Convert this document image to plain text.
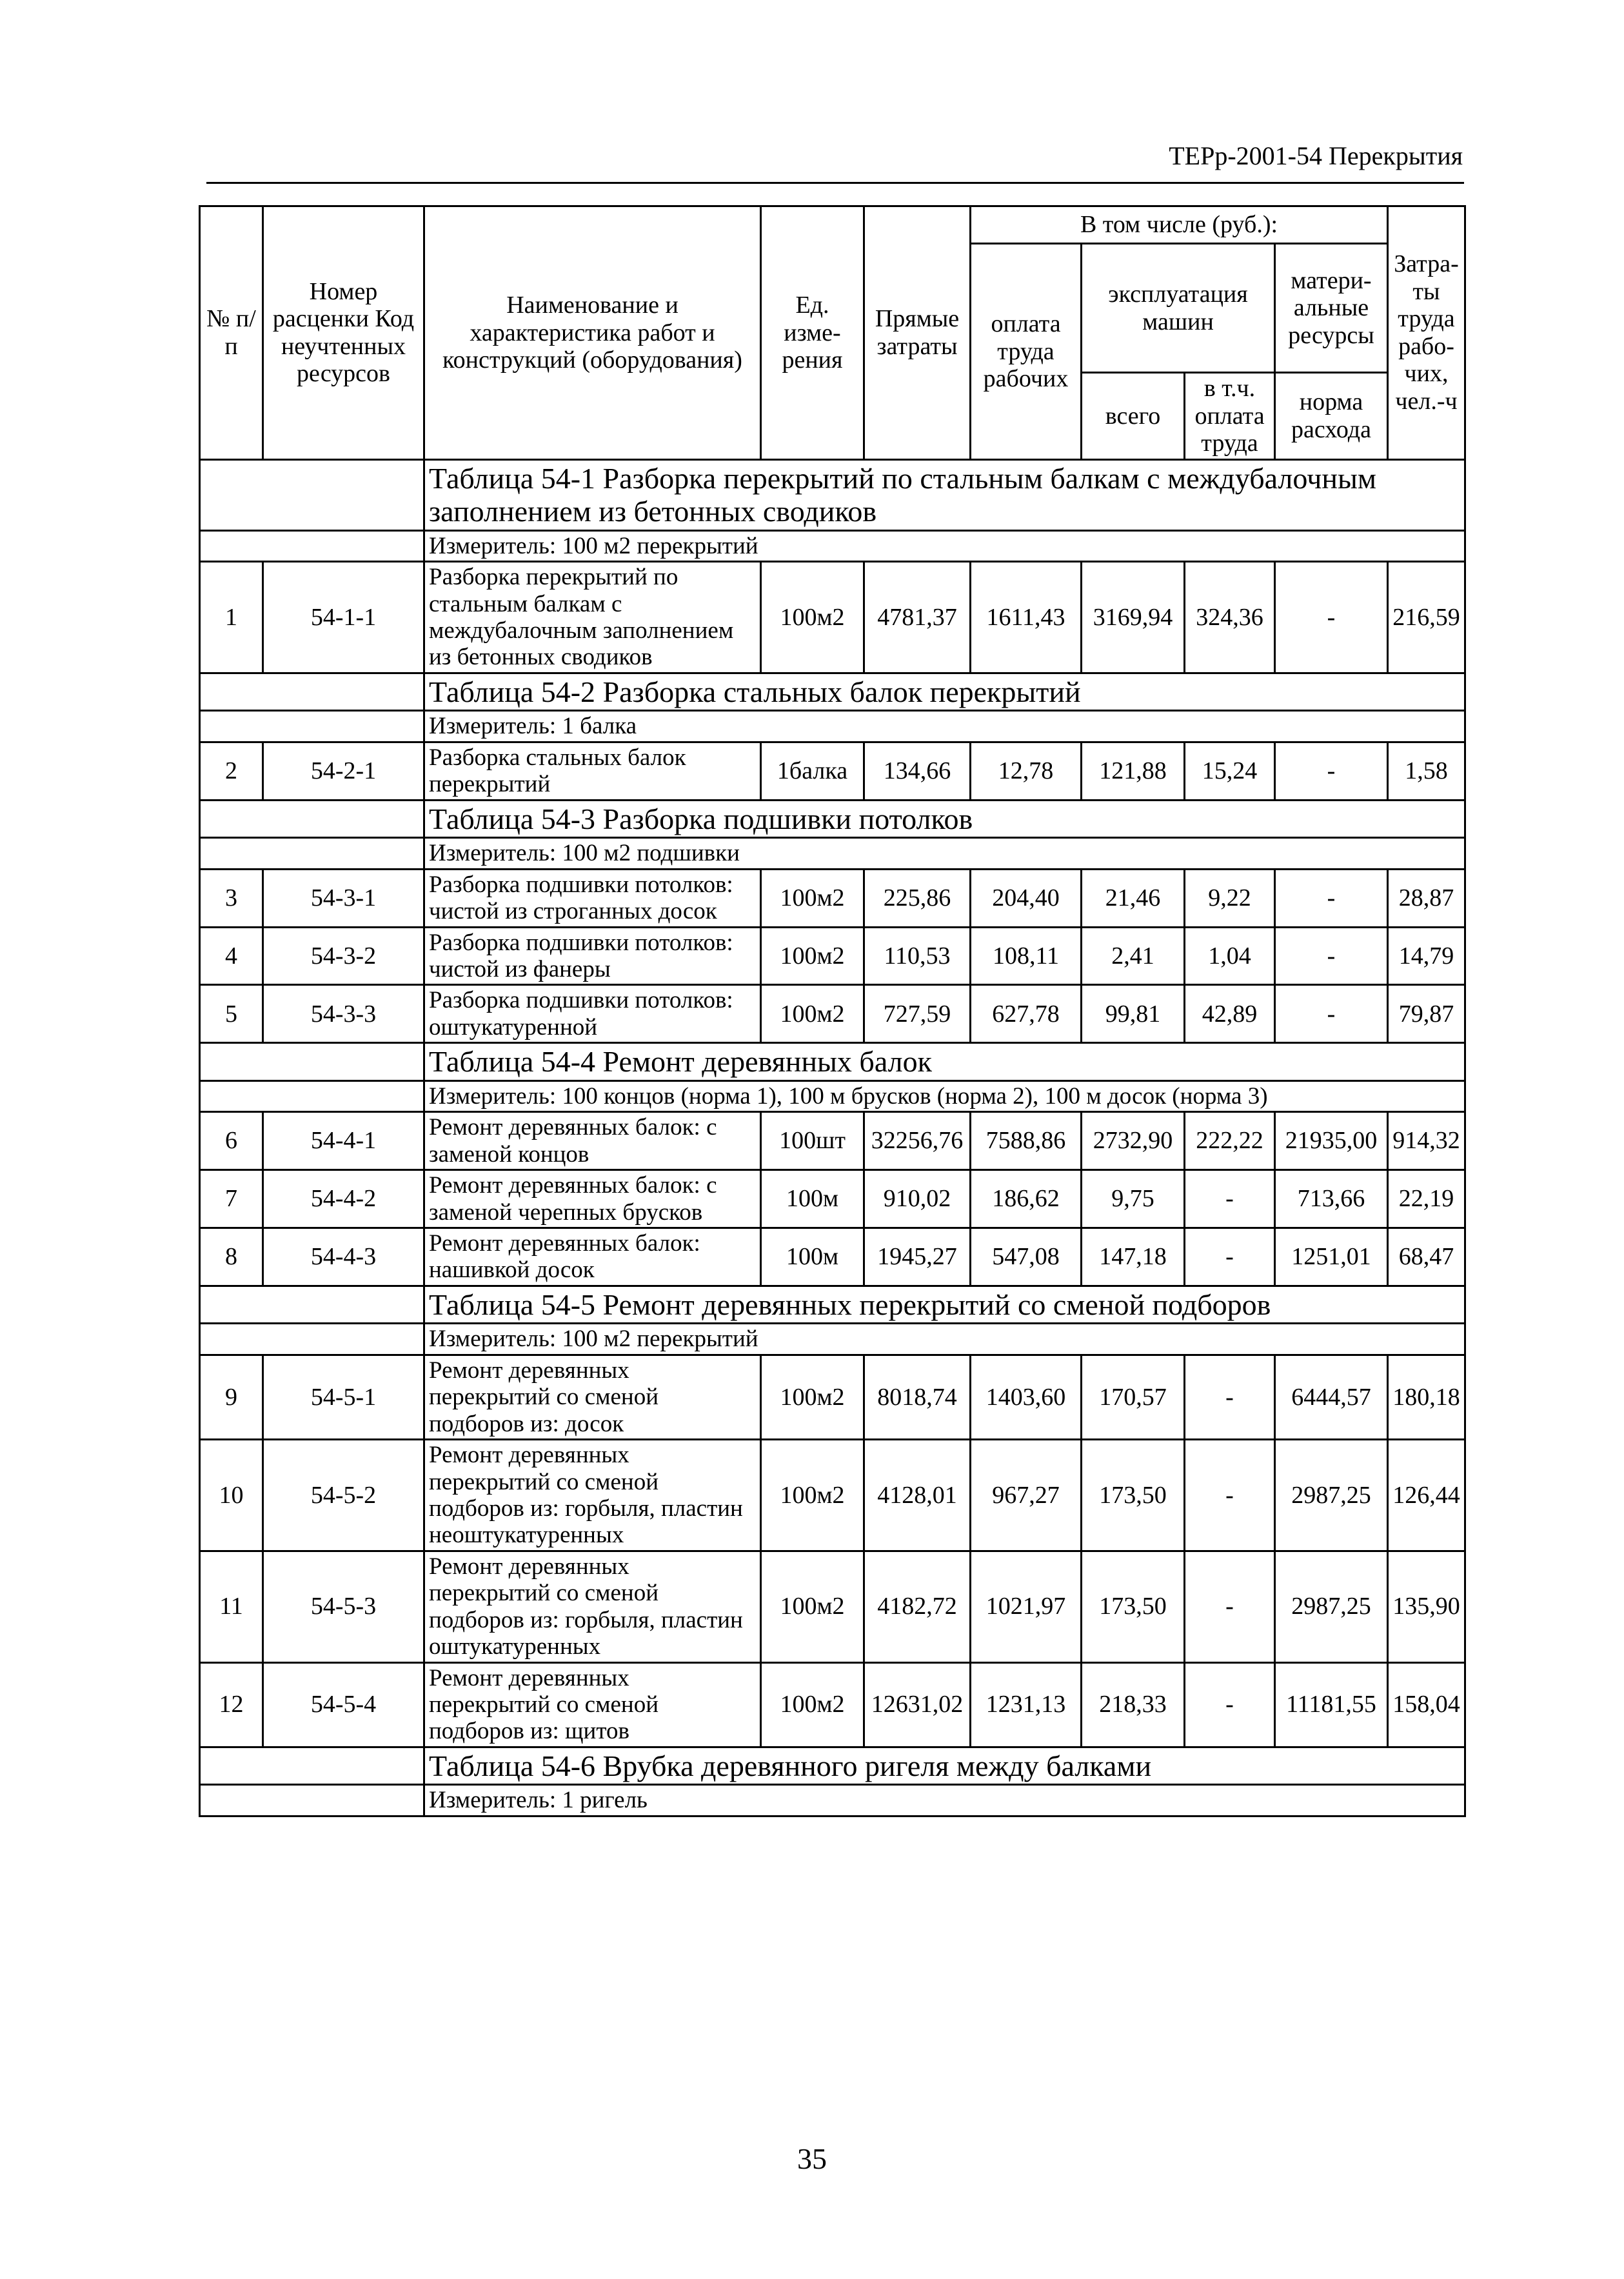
ТЕРр-2001-54 Перекрытия
№ п/п	Номер расценки Код неучтенных ресурсов	Наименование и характеристика работ и конструкций (оборудования)	Ед. изме-рения	Прямые затраты	В том числе (руб.):				Затра-ты труда рабо-чих, чел.-ч
					оплата труда рабочих	эксплуатация машин		матери-альные ресурсы	
						всего	в т.ч. оплата труда	норма расхода	

		Таблица 54-1 Разборка перекрытий по стальным балкам с междубалочным заполнением из бетонных сводиков							
		Измеритель: 100 м2 перекрытий							
1	54-1-1	Разборка перекрытий по стальным балкам с междубалочным заполнением из бетонных сводиков	100м2	4781,37	1611,43	3169,94	324,36	-	216,59
		Таблица 54-2 Разборка стальных балок перекрытий							
		Измеритель: 1 балка							
2	54-2-1	Разборка стальных балок перекрытий	1балка	134,66	12,78	121,88	15,24	-	1,58
		Таблица 54-3 Разборка подшивки потолков							
		Измеритель: 100 м2 подшивки							
3	54-3-1	Разборка подшивки потолков: чистой из строганных досок	100м2	225,86	204,40	21,46	9,22	-	28,87
4	54-3-2	Разборка подшивки потолков: чистой из фанеры	100м2	110,53	108,11	2,41	1,04	-	14,79
5	54-3-3	Разборка подшивки потолков: оштукатуренной	100м2	727,59	627,78	99,81	42,89	-	79,87
		Таблица 54-4 Ремонт деревянных балок							
		Измеритель: 100 концов (норма 1), 100 м брусков (норма 2), 100 м досок (норма 3)							
6	54-4-1	Ремонт деревянных балок: с заменой концов	100шт	32256,76	7588,86	2732,90	222,22	21935,00	914,32
7	54-4-2	Ремонт деревянных балок: с заменой черепных брусков	100м	910,02	186,62	9,75	-	713,66	22,19
8	54-4-3	Ремонт деревянных балок: нашивкой досок	100м	1945,27	547,08	147,18	-	1251,01	68,47
		Таблица 54-5 Ремонт деревянных перекрытий со сменой подборов							
		Измеритель: 100 м2 перекрытий							
9	54-5-1	Ремонт деревянных перекрытий со сменой подборов из: досок	100м2	8018,74	1403,60	170,57	-	6444,57	180,18
10	54-5-2	Ремонт деревянных перекрытий со сменой подборов из: горбыля, пластин неоштукатуренных	100м2	4128,01	967,27	173,50	-	2987,25	126,44
11	54-5-3	Ремонт деревянных перекрытий со сменой подборов из: горбыля, пластин оштукатуренных	100м2	4182,72	1021,97	173,50	-	2987,25	135,90
12	54-5-4	Ремонт деревянных перекрытий со сменой подборов из: щитов	100м2	12631,02	1231,13	218,33	-	11181,55	158,04
		Таблица 54-6 Врубка деревянного ригеля между балками							
		Измеритель: 1 ригель							
35
